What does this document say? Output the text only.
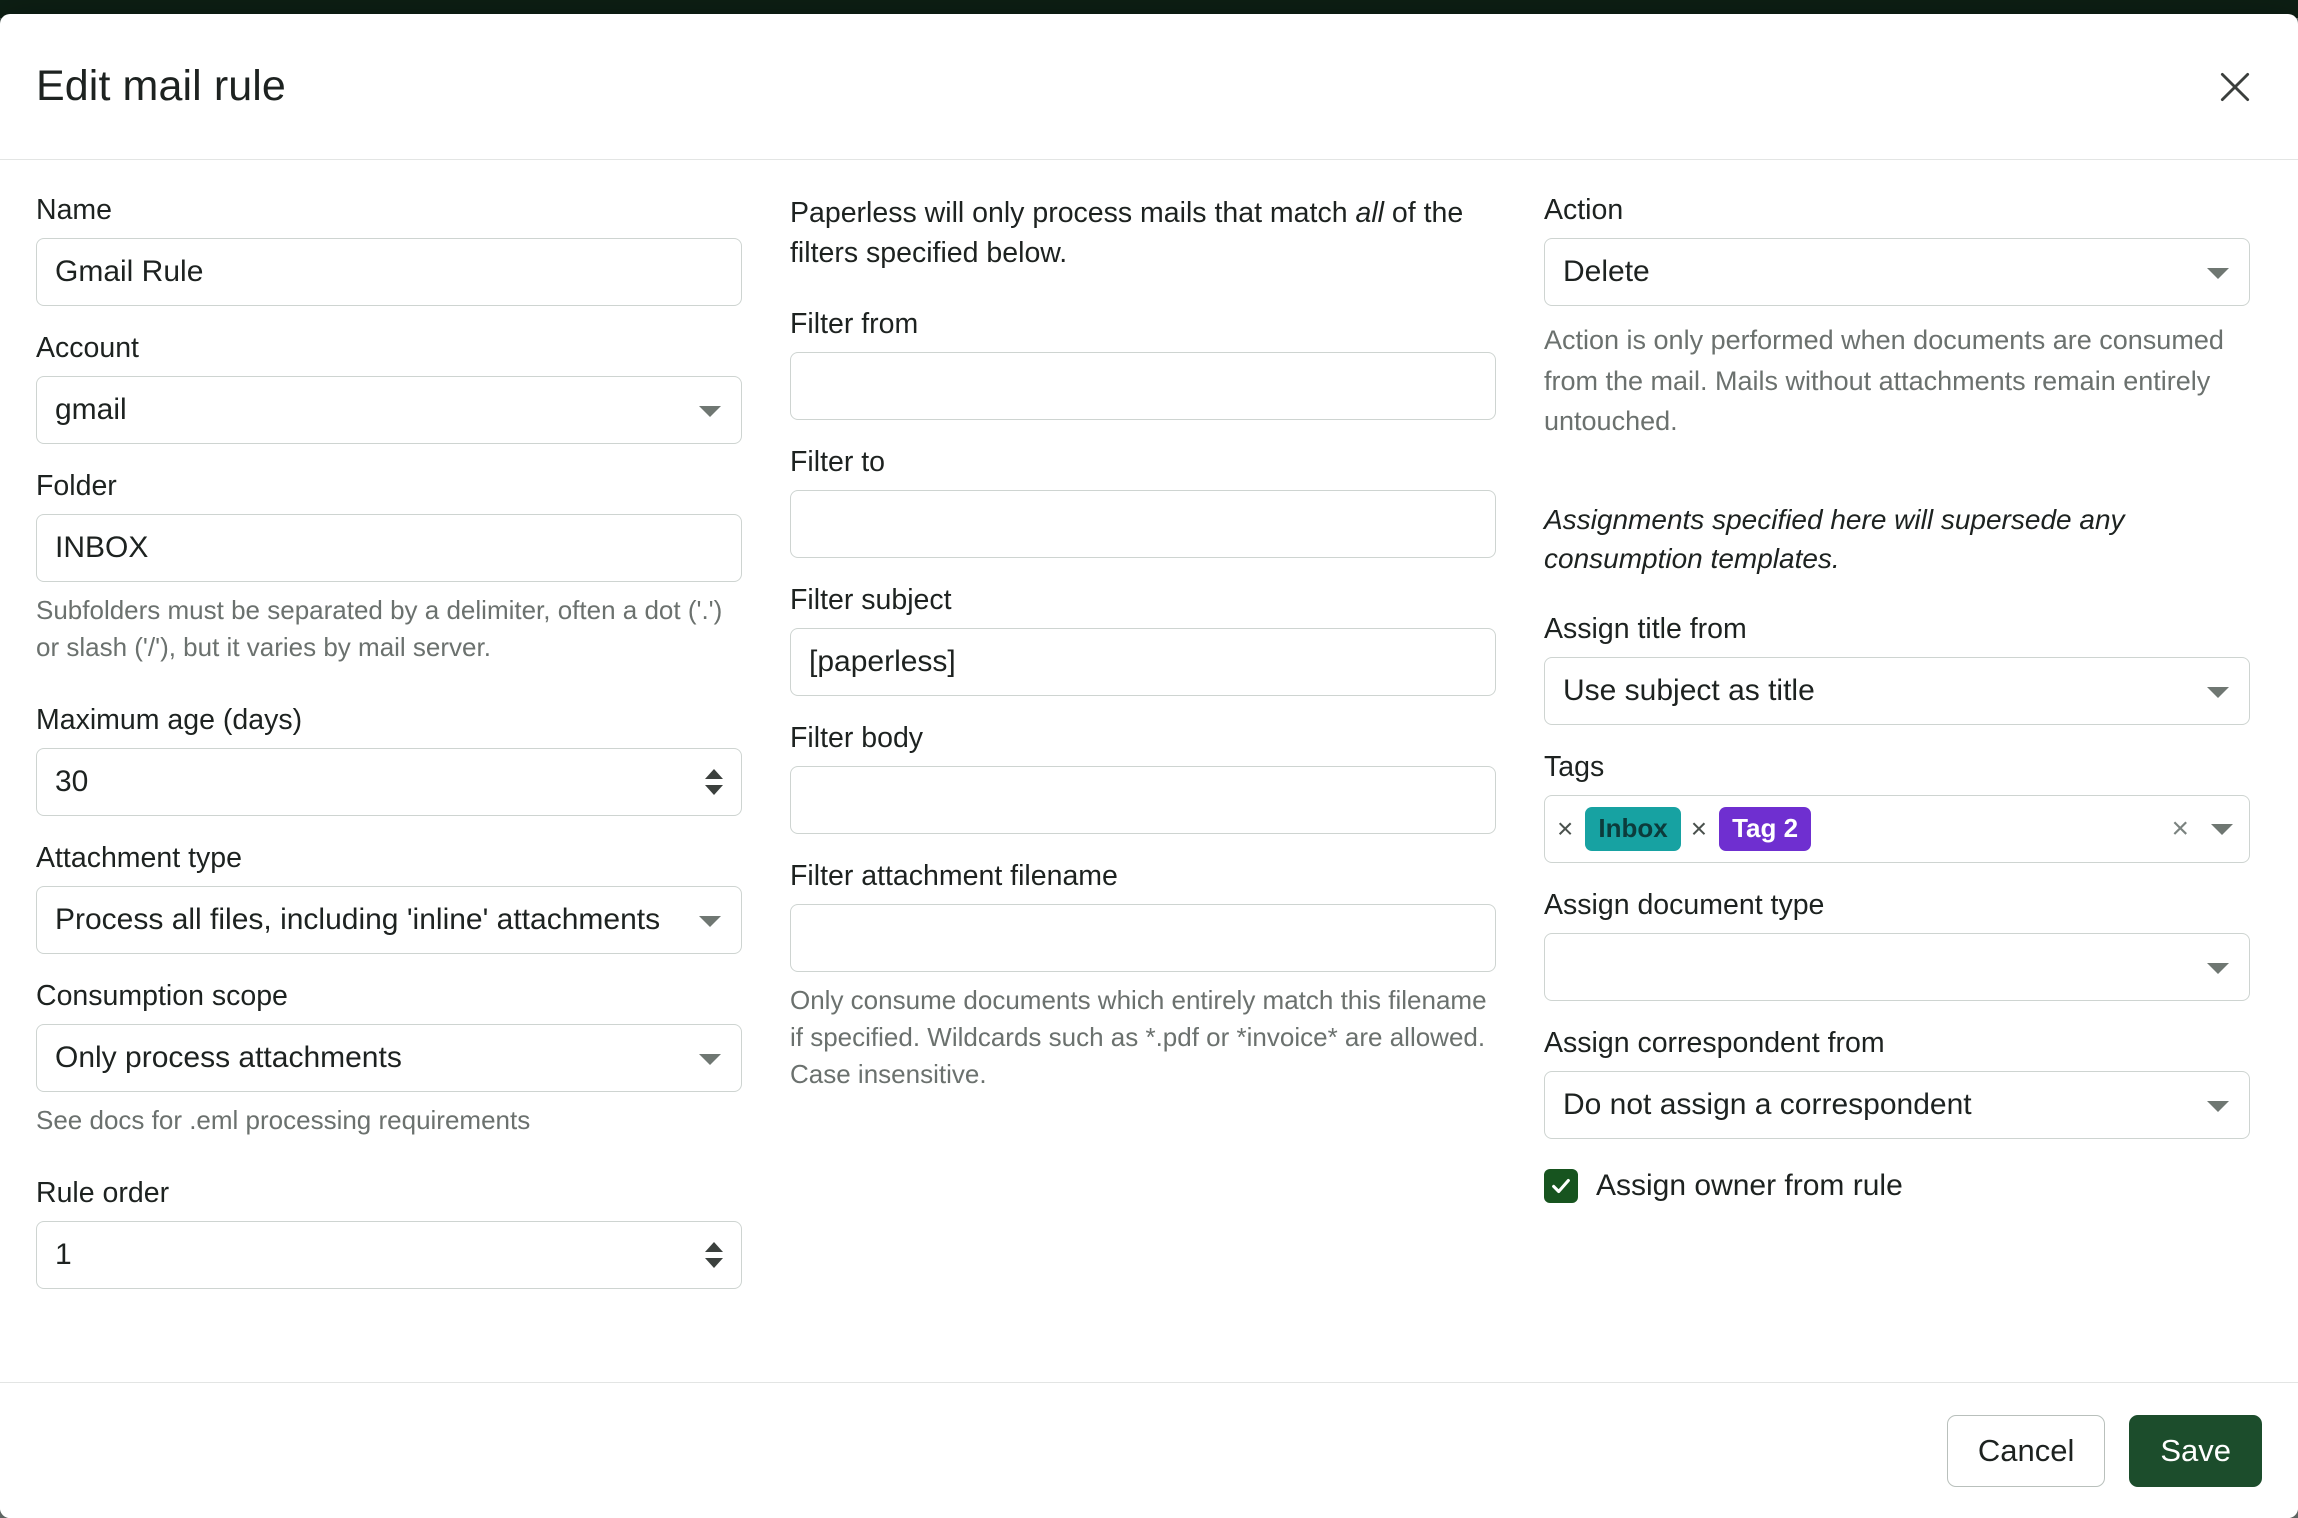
Edit mail rule
Name
Gmail Rule
Account
gmail
Folder
INBOX

Subfolders must be separated by a delimiter, often a dot ('.') or slash ('/'), but it varies by mail server.

Maximum age (days)
30
Attachment type
Process all files, including 'inline' attachments
Consumption scope
Only process attachments

See docs for .eml processing requirements

Rule order
1

Paperless will only process mails that match all of the filters specified below.

Filter from
Filter to
Filter subject
[paperless]
Filter body
Filter attachment filename

Only consume documents which entirely match this filename if specified. Wildcards such as *.pdf or *invoice* are allowed. Case insensitive.

Action
Delete

Action is only performed when documents are consumed from the mail. Mails without attachments remain entirely untouched.

Assignments specified here will supersede any consumption templates.

Assign title from
Use subject as title
Tags
× Inbox × Tag 2	×
Assign document type
Assign correspondent from
Do not assign a correspondent
Assign owner from rule
Cancel	Save
